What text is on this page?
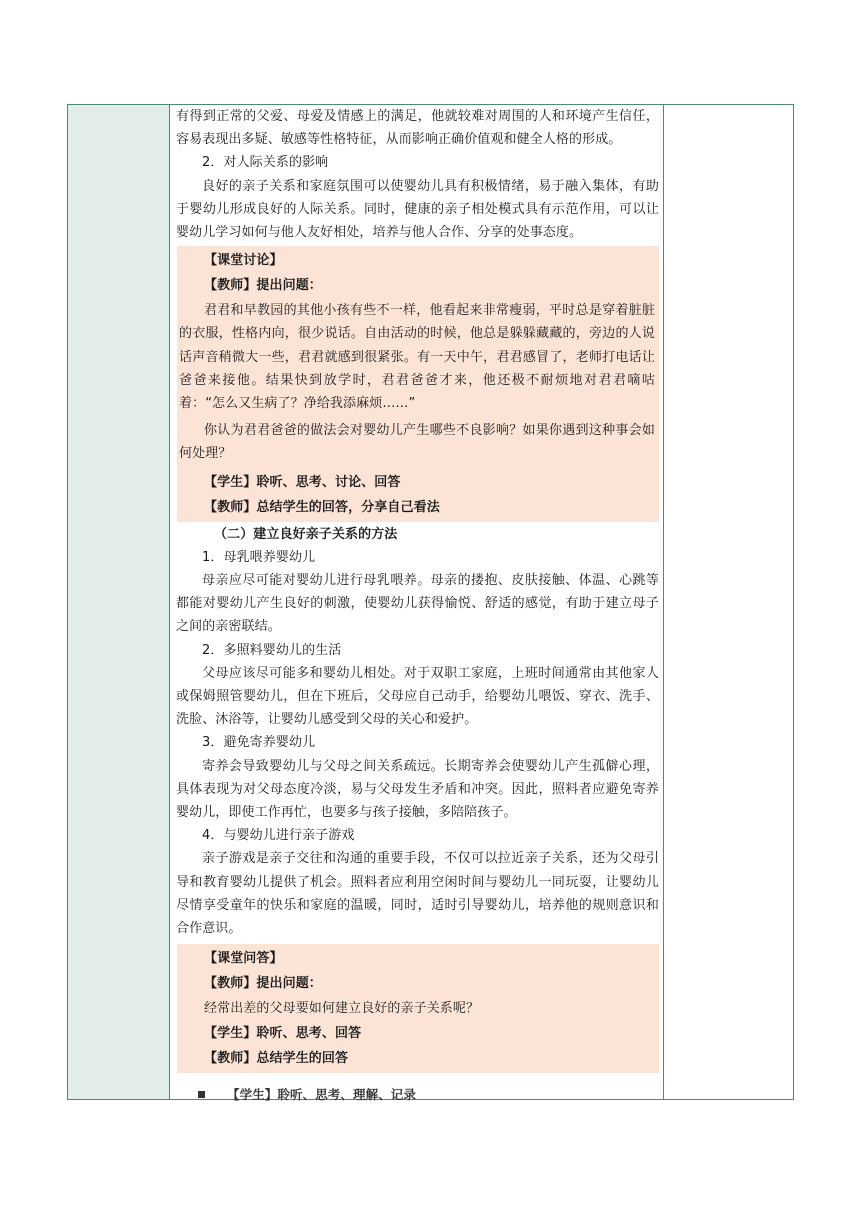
有得到正常的父爱、母爱及情感上的满足，他就较难对周围的人和环境产生信任，容易表现出多疑、敏感等性格特征，从而影响正确价值观和健全人格的形成。

2．对人际关系的影响

良好的亲子关系和家庭氛围可以使婴幼儿具有积极情绪，易于融入集体，有助于婴幼儿形成良好的人际关系。同时，健康的亲子相处模式具有示范作用，可以让婴幼儿学习如何与他人友好相处，培养与他人合作、分享的处事态度。

【课堂讨论】

【教师】提出问题：

君君和早教园的其他小孩有些不一样，他看起来非常瘦弱，平时总是穿着脏脏的衣服，性格内向，很少说话。自由活动的时候，他总是躲躲藏藏的，旁边的人说话声音稍微大一些，君君就感到很紧张。有一天中午，君君感冒了，老师打电话让爸爸来接他。结果快到放学时，君君爸爸才来，他还极不耐烦地对君君嘀咕着：“怎么又生病了？净给我添麻烦……”

你认为君君爸爸的做法会对婴幼儿产生哪些不良影响？如果你遇到这种事会如何处理？

【学生】聆听、思考、讨论、回答

【教师】总结学生的回答，分享自己看法

（二）建立良好亲子关系的方法

1．母乳喂养婴幼儿

母亲应尽可能对婴幼儿进行母乳喂养。母亲的搂抱、皮肤接触、体温、心跳等都能对婴幼儿产生良好的刺激，使婴幼儿获得愉悦、舒适的感觉，有助于建立母子之间的亲密联结。

2．多照料婴幼儿的生活

父母应该尽可能多和婴幼儿相处。对于双职工家庭，上班时间通常由其他家人或保姆照管婴幼儿，但在下班后，父母应自己动手，给婴幼儿喂饭、穿衣、洗手、洗脸、沐浴等，让婴幼儿感受到父母的关心和爱护。

3．避免寄养婴幼儿

寄养会导致婴幼儿与父母之间关系疏远。长期寄养会使婴幼儿产生孤僻心理，具体表现为对父母态度冷淡，易与父母发生矛盾和冲突。因此，照料者应避免寄养婴幼儿，即使工作再忙，也要多与孩子接触，多陪陪孩子。

4．与婴幼儿进行亲子游戏

亲子游戏是亲子交往和沟通的重要手段，不仅可以拉近亲子关系，还为父母引导和教育婴幼儿提供了机会。照料者应利用空闲时间与婴幼儿一同玩耍，让婴幼儿尽情享受童年的快乐和家庭的温暖，同时，适时引导婴幼儿，培养他的规则意识和合作意识。

【课堂问答】

【教师】提出问题：

经常出差的父母要如何建立良好的亲子关系呢？

【学生】聆听、思考、回答

【教师】总结学生的回答

【学生】聆听、思考、理解、记录
